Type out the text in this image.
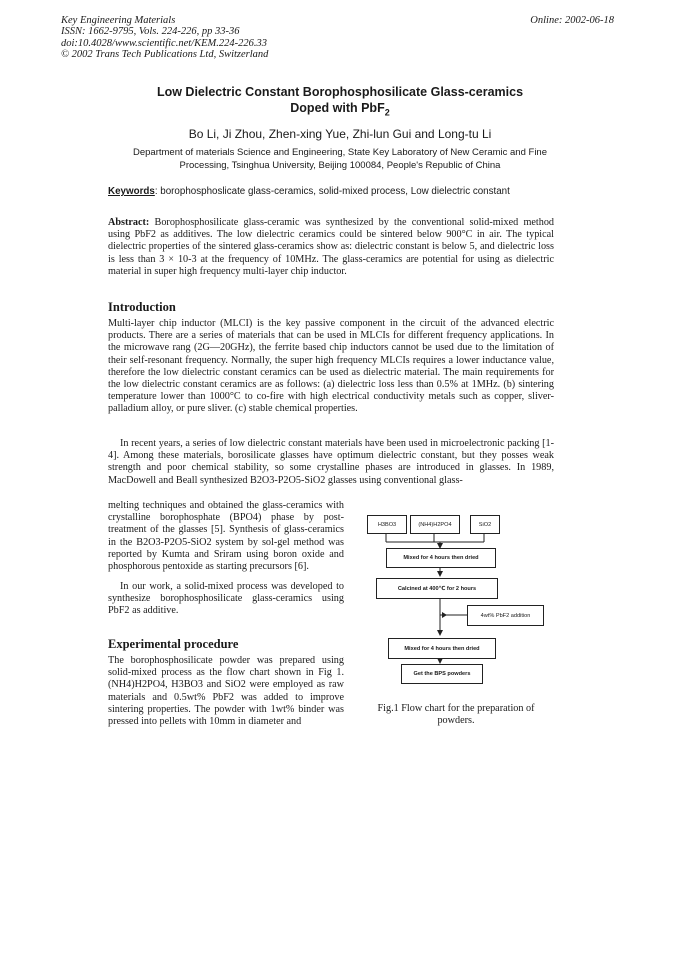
Key Engineering Materials
ISSN: 1662-9795, Vols. 224-226, pp 33-36
doi:10.4028/www.scientific.net/KEM.224-226.33
© 2002 Trans Tech Publications Ltd, Switzerland
Online: 2002-06-18
Low Dielectric Constant Borophosphosilicate Glass-ceramics
Doped with PbF$_2$
Bo Li, Ji Zhou, Zhen-xing Yue, Zhi-lun Gui and Long-tu Li
Department of materials Science and Engineering, State Key Laboratory of New Ceramic and Fine
Processing, Tsinghua University, Beijing 100084, People's Republic of China
Keywords: borophosphoslicate glass-ceramics, solid-mixed process, Low dielectric constant
Abstract: Borophosphosilicate glass-ceramic was synthesized by the conventional solid-mixed method using PbF2 as additives. The low dielectric ceramics could be sintered below 900°C in air. The typical dielectric properties of the sintered glass-ceramics show as: dielectric constant is below 5, and dielectric loss is less than 3 × 10-3 at the frequency of 10MHz. The glass-ceramics are potential for using as dielectric material in super high frequency multi-layer chip inductor.
Introduction
Multi-layer chip inductor (MLCI) is the key passive component in the circuit of the advanced electric products. There are a series of materials that can be used in MLCIs for different frequency applications. In the microwave rang (2G—20GHz), the ferrite based chip inductors cannot be used due to the limitation of their self-resonant frequency. Normally, the super high frequency MLCIs requires a lower inductance value, therefore the low dielectric constant ceramics can be used as dielectric material. The main requirements for the low dielectric constant ceramics are as follows: (a) dielectric loss less than 0.5% at 1MHz. (b) sintering temperature lower than 1000°C to co-fire with high electrical conductivity metals such as copper, sliver-palladium alloy, or pure sliver. (c) stable chemical properties.
In recent years, a series of low dielectric constant materials have been used in microelectronic packing [1-4]. Among these materials, borosilicate glasses have optimum dielectric constant, but they posses weak strength and poor chemical stability, so some crystalline phases are introduced in glasses. In 1989, MacDowell and Beall synthesized B2O3-P2O5-SiO2 glasses using conventional glass-
melting techniques and obtained the glass-ceramics with crystalline borophosphate (BPO4) phase by post-treatment of the glasses [5]. Synthesis of glass-ceramics in the B2O3-P2O5-SiO2 system by sol-gel method was reported by Kumta and Sriram using boron oxide and phosphorous pentoxide as starting precursors [6].
In our work, a solid-mixed process was developed to synthesize borophosphosilicate glass-ceramics using PbF2 as additive.
Experimental procedure
The borophosphosilicate powder was prepared using solid-mixed process as the flow chart shown in Fig 1. (NH4)H2PO4, H3BO3 and SiO2 were employed as raw materials and 0.5wt% PbF2 was added to improve sintering properties. The powder with 1wt% binder was pressed into pellets with 10mm in diameter and
H3BO3	(NH4)H2PO4	SiO2
Mixed for 4 hours then dried
Calcined at 400℃ for 2 hours
4wt% PbF2 addition
Mixed for 4 hours then dried
Get the BPS powders
Fig.1 Flow chart for the preparation of powders.
